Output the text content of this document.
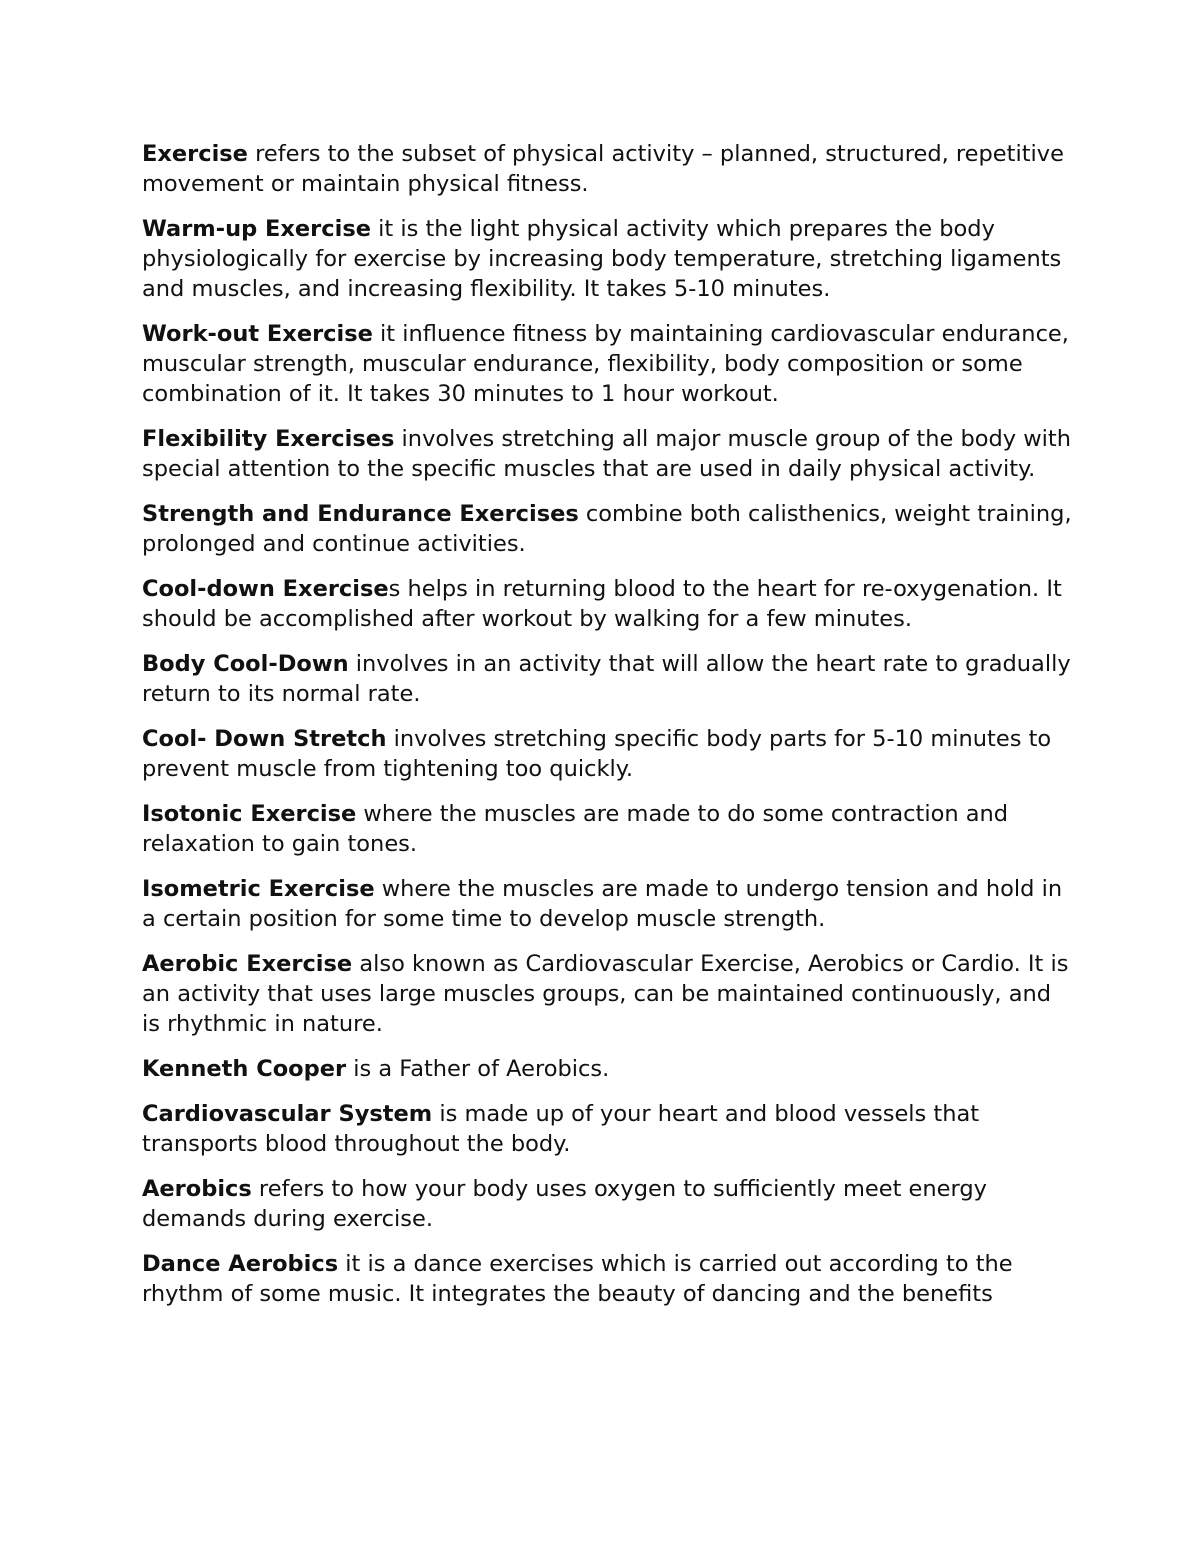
Exercise refers to the subset of physical activity – planned, structured, repetitive movement or maintain physical fitness.

Warm-up Exercise it is the light physical activity which prepares the body physiologically for exercise by increasing body temperature, stretching ligaments and muscles, and increasing flexibility. It takes 5-10 minutes.

Work-out Exercise it influence fitness by maintaining cardiovascular endurance, muscular strength, muscular endurance, flexibility, body composition or some combination of it. It takes 30 minutes to 1 hour workout.

Flexibility Exercises involves stretching all major muscle group of the body with special attention to the specific muscles that are used in daily physical activity.

Strength and Endurance Exercises combine both calisthenics, weight training, prolonged and continue activities.

Cool-down Exercises helps in returning blood to the heart for re-oxygenation. It should be accomplished after workout by walking for a few minutes.

Body Cool-Down involves in an activity that will allow the heart rate to gradually return to its normal rate.

Cool- Down Stretch involves stretching specific body parts for 5-10 minutes to prevent muscle from tightening too quickly.

Isotonic Exercise where the muscles are made to do some contraction and relaxation to gain tones.

Isometric Exercise where the muscles are made to undergo tension and hold in a certain position for some time to develop muscle strength.

Aerobic Exercise also known as Cardiovascular Exercise, Aerobics or Cardio. It is an activity that uses large muscles groups, can be maintained continuously, and is rhythmic in nature.

Kenneth Cooper is a Father of Aerobics.

Cardiovascular System is made up of your heart and blood vessels that transports blood throughout the body.

Aerobics refers to how your body uses oxygen to sufficiently meet energy demands during exercise.

Dance Aerobics it is a dance exercises which is carried out according to the rhythm of some music. It integrates the beauty of dancing and the benefits
